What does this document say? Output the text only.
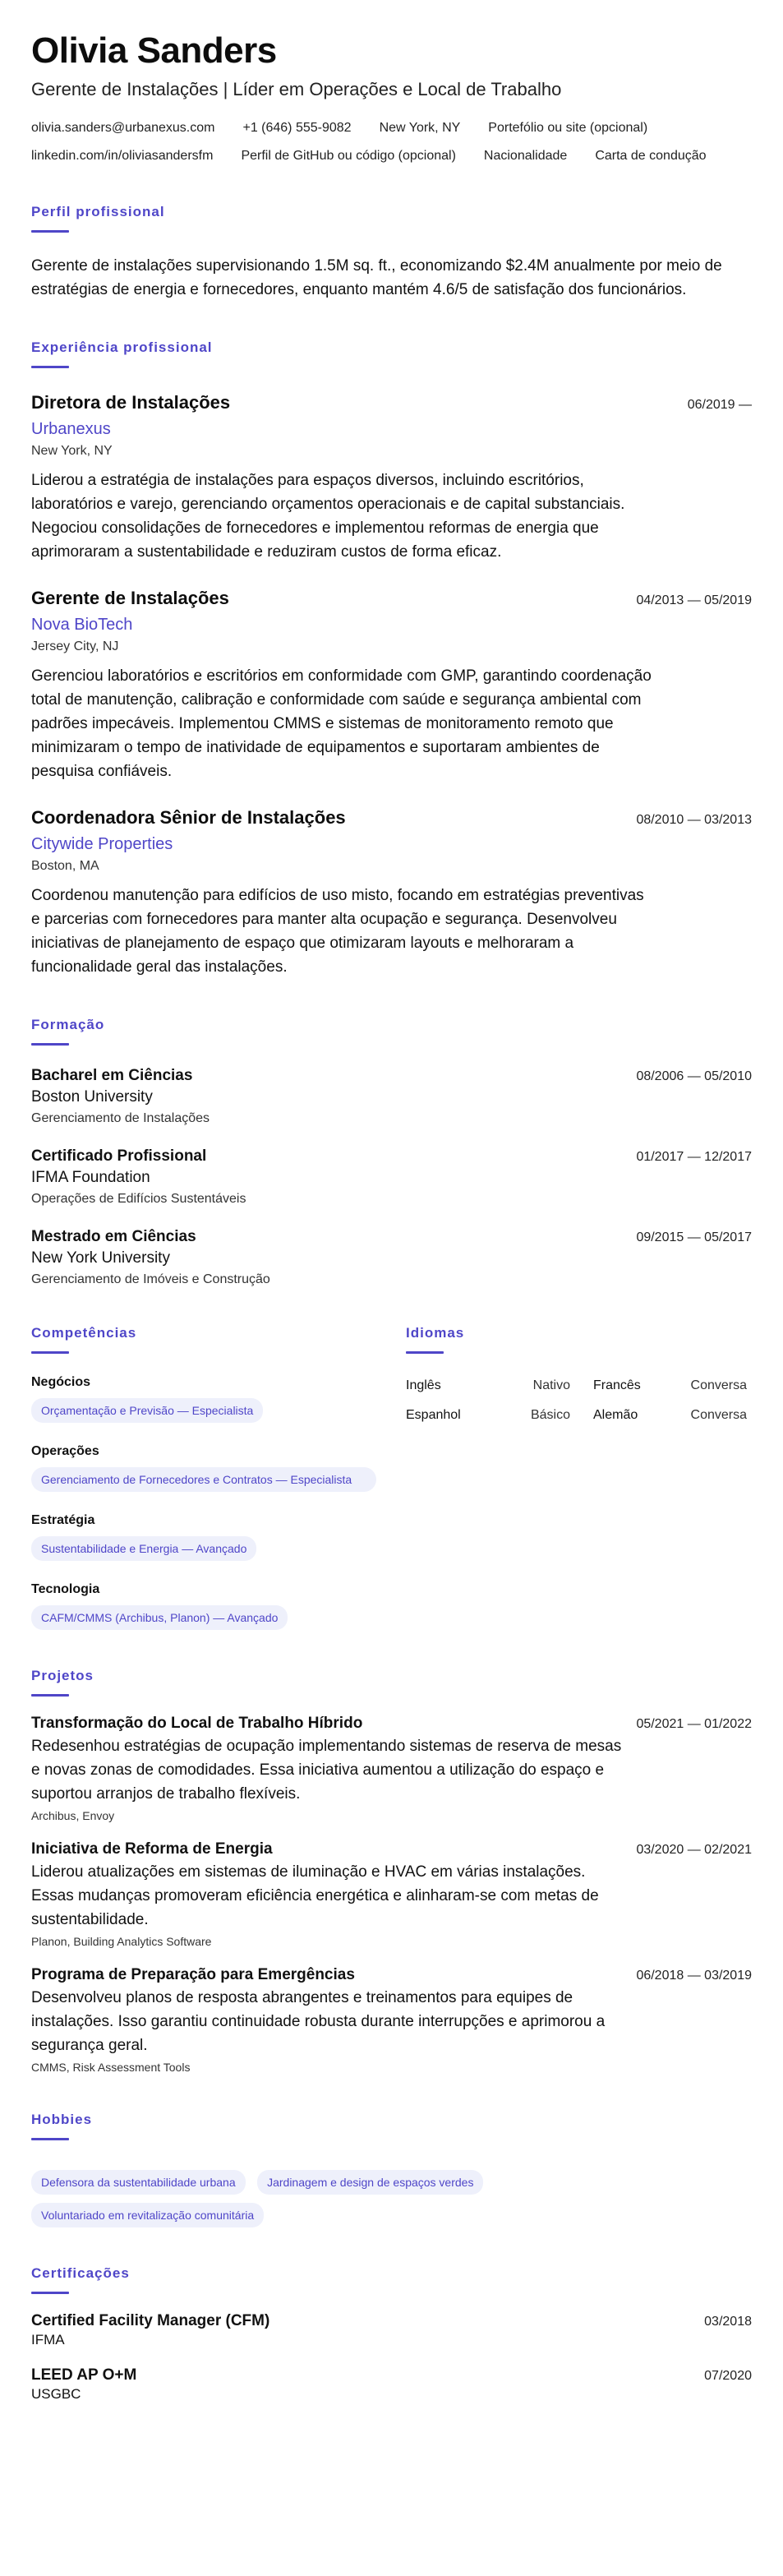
Olivia Sanders
Gerente de Instalações | Líder em Operações e Local de Trabalho
olivia.sanders@urbanexus.com +1 (646) 555-9082 New York, NY Portefólio ou site (opcional)
linkedin.com/in/oliviasandersfm Perfil de GitHub ou código (opcional) Nacionalidade Carta de condução
Perfil profissional
Gerente de instalações supervisionando 1.5M sq. ft., economizando $2.4M anualmente por meio de estratégias de energia e fornecedores, enquanto mantém 4.6/5 de satisfação dos funcionários.
Experiência profissional
Diretora de Instalações	06/2019 —
Urbanexus
New York, NY
Liderou a estratégia de instalações para espaços diversos, incluindo escritórios, laboratórios e varejo, gerenciando orçamentos operacionais e de capital substanciais. Negociou consolidações de fornecedores e implementou reformas de energia que aprimoraram a sustentabilidade e reduziram custos de forma eficaz.
Gerente de Instalações	04/2013 — 05/2019
Nova BioTech
Jersey City, NJ
Gerenciou laboratórios e escritórios em conformidade com GMP, garantindo coordenação total de manutenção, calibração e conformidade com saúde e segurança ambiental com padrões impecáveis. Implementou CMMS e sistemas de monitoramento remoto que minimizaram o tempo de inatividade de equipamentos e suportaram ambientes de pesquisa confiáveis.
Coordenadora Sênior de Instalações	08/2010 — 03/2013
Citywide Properties
Boston, MA
Coordenou manutenção para edifícios de uso misto, focando em estratégias preventivas e parcerias com fornecedores para manter alta ocupação e segurança. Desenvolveu iniciativas de planejamento de espaço que otimizaram layouts e melhoraram a funcionalidade geral das instalações.
Formação
Bacharel em Ciências	08/2006 — 05/2010
Boston University
Gerenciamento de Instalações
Certificado Profissional	01/2017 — 12/2017
IFMA Foundation
Operações de Edifícios Sustentáveis
Mestrado em Ciências	09/2015 — 05/2017
New York University
Gerenciamento de Imóveis e Construção
Competências
Negócios
Orçamentação e Previsão — Especialista
Operações
Gerenciamento de Fornecedores e Contratos — Especialista
Estratégia
Sustentabilidade e Energia — Avançado
Tecnologia
CAFM/CMMS (Archibus, Planon) — Avançado
Idiomas
Inglês	Nativo	Francês	Conversa
Espanhol	Básico	Alemão	Conversa
Projetos
Transformação do Local de Trabalho Híbrido	05/2021 — 01/2022
Redesenhou estratégias de ocupação implementando sistemas de reserva de mesas e novas zonas de comodidades. Essa iniciativa aumentou a utilização do espaço e suportou arranjos de trabalho flexíveis.
Archibus, Envoy
Iniciativa de Reforma de Energia	03/2020 — 02/2021
Liderou atualizações em sistemas de iluminação e HVAC em várias instalações. Essas mudanças promoveram eficiência energética e alinharam-se com metas de sustentabilidade.
Planon, Building Analytics Software
Programa de Preparação para Emergências	06/2018 — 03/2019
Desenvolveu planos de resposta abrangentes e treinamentos para equipes de instalações. Isso garantiu continuidade robusta durante interrupções e aprimorou a segurança geral.
CMMS, Risk Assessment Tools
Hobbies
Defensora da sustentabilidade urbana	Jardinagem e design de espaços verdes Voluntariado em revitalização comunitária
Certificações
Certified Facility Manager (CFM)	03/2018
IFMA
LEED AP O+M	07/2020
USGBC
